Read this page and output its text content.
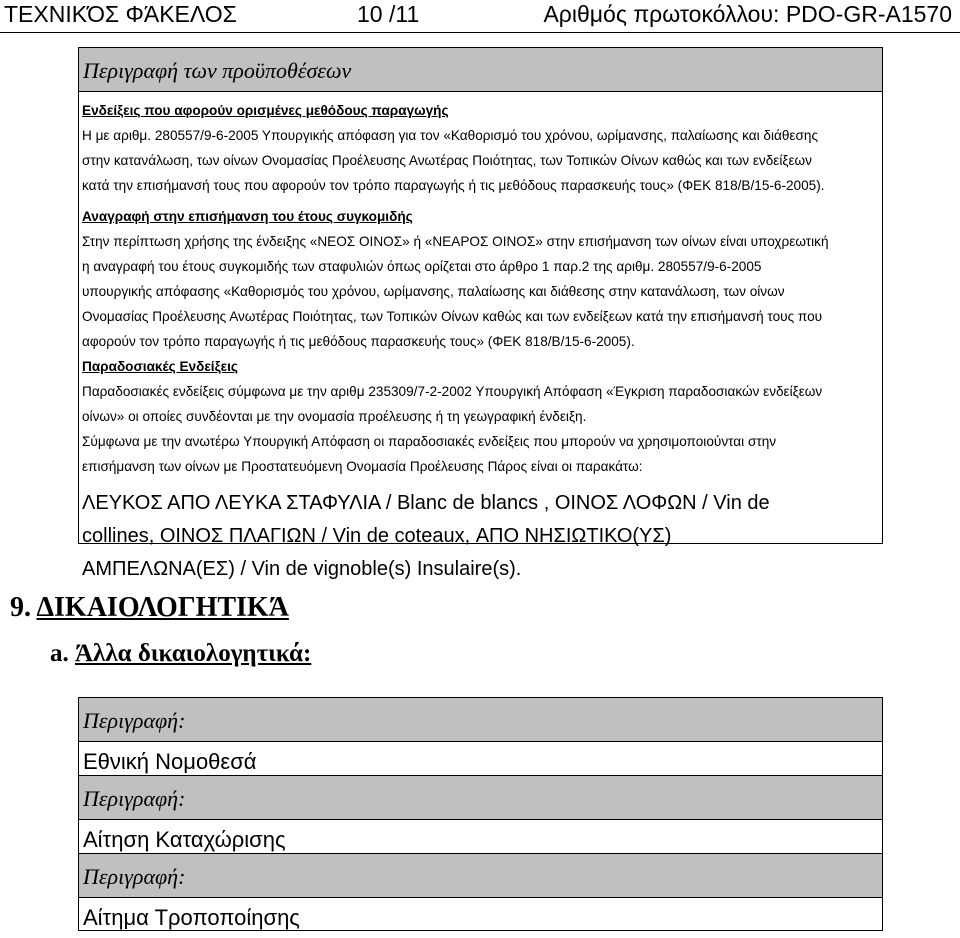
ΤΕΧΝΙΚΌΣ ΦΆΚΕΛΟΣ	10 /11	Αριθμός πρωτοκόλλου: PDO-GR-A1570
Περιγραφή των προϋποθέσεων

Ενδείξεις που αφορούν ορισμένες μεθόδους παραγωγής

Η με αριθμ. 280557/9-6-2005 Υπουργικής απόφαση για τον «Καθορισμό του χρόνου, ωρίμανσης, παλαίωσης και διάθεσης

στην κατανάλωση, των οίνων Ονομασίας Προέλευσης Ανωτέρας Ποιότητας, των Τοπικών Οίνων καθώς και των ενδείξεων

κατά την επισήμανσή τους που αφορούν τον τρόπο παραγωγής ή τις μεθόδους παρασκευής τους» (ΦΕΚ 818/Β/15-6-2005).

Αναγραφή στην επισήμανση του έτους συγκομιδής

Στην περίπτωση χρήσης της ένδειξης «ΝΕΟΣ ΟΙΝΟΣ» ή «ΝΕΑΡΟΣ ΟΙΝΟΣ» στην επισήμανση των οίνων είναι υποχρεωτική

η αναγραφή του έτους συγκομιδής των σταφυλιών όπως ορίζεται στο άρθρο 1 παρ.2 της αριθμ. 280557/9-6-2005

υπουργικής απόφασης «Καθορισμός του χρόνου, ωρίμανσης, παλαίωσης και διάθεσης στην κατανάλωση, των οίνων

Ονομασίας Προέλευσης Ανωτέρας Ποιότητας, των Τοπικών Οίνων καθώς και των ενδείξεων κατά την επισήμανσή τους που

αφορούν τον τρόπο παραγωγής ή τις μεθόδους παρασκευής τους» (ΦΕΚ 818/Β/15-6-2005).

Παραδοσιακές Ενδείξεις

Παραδοσιακές ενδείξεις σύμφωνα με την αριθμ 235309/7-2-2002 Υπουργική Απόφαση «Έγκριση παραδοσιακών ενδείξεων

οίνων» οι οποίες συνδέονται με την ονομασία προέλευσης ή τη γεωγραφική ένδειξη.

Σύμφωνα με την ανωτέρω Υπουργική Απόφαση οι παραδοσιακές ενδείξεις που μπορούν να χρησιμοποιούνται στην

επισήμανση των οίνων με Προστατευόμενη Ονομασία Προέλευσης Πάρος είναι οι παρακάτω:

ΛΕΥΚΟΣ ΑΠΟ ΛΕΥΚΑ ΣΤΑΦΥΛΙΑ / Blanc de blancs , ΟΙΝΟΣ ΛΟΦΩΝ / Vin de
collines, ΟΙΝΟΣ ΠΛΑΓΙΩΝ / Vin de coteaux, ΑΠΟ ΝΗΣΙΩΤΙΚΟ(ΥΣ)
ΑΜΠΕΛΩΝΑ(ΕΣ) / Vin de vignoble(s) Insulaire(s).
9. ΔΙΚΑΙΟΛΟΓΗΤΙΚΆ
a. Άλλα δικαιολογητικά:
Περιγραφή:
Εθνική Νομοθεσά
Περιγραφή:
Αίτηση Καταχώρισης
Περιγραφή:
Αίτημα Τροποποίησης
